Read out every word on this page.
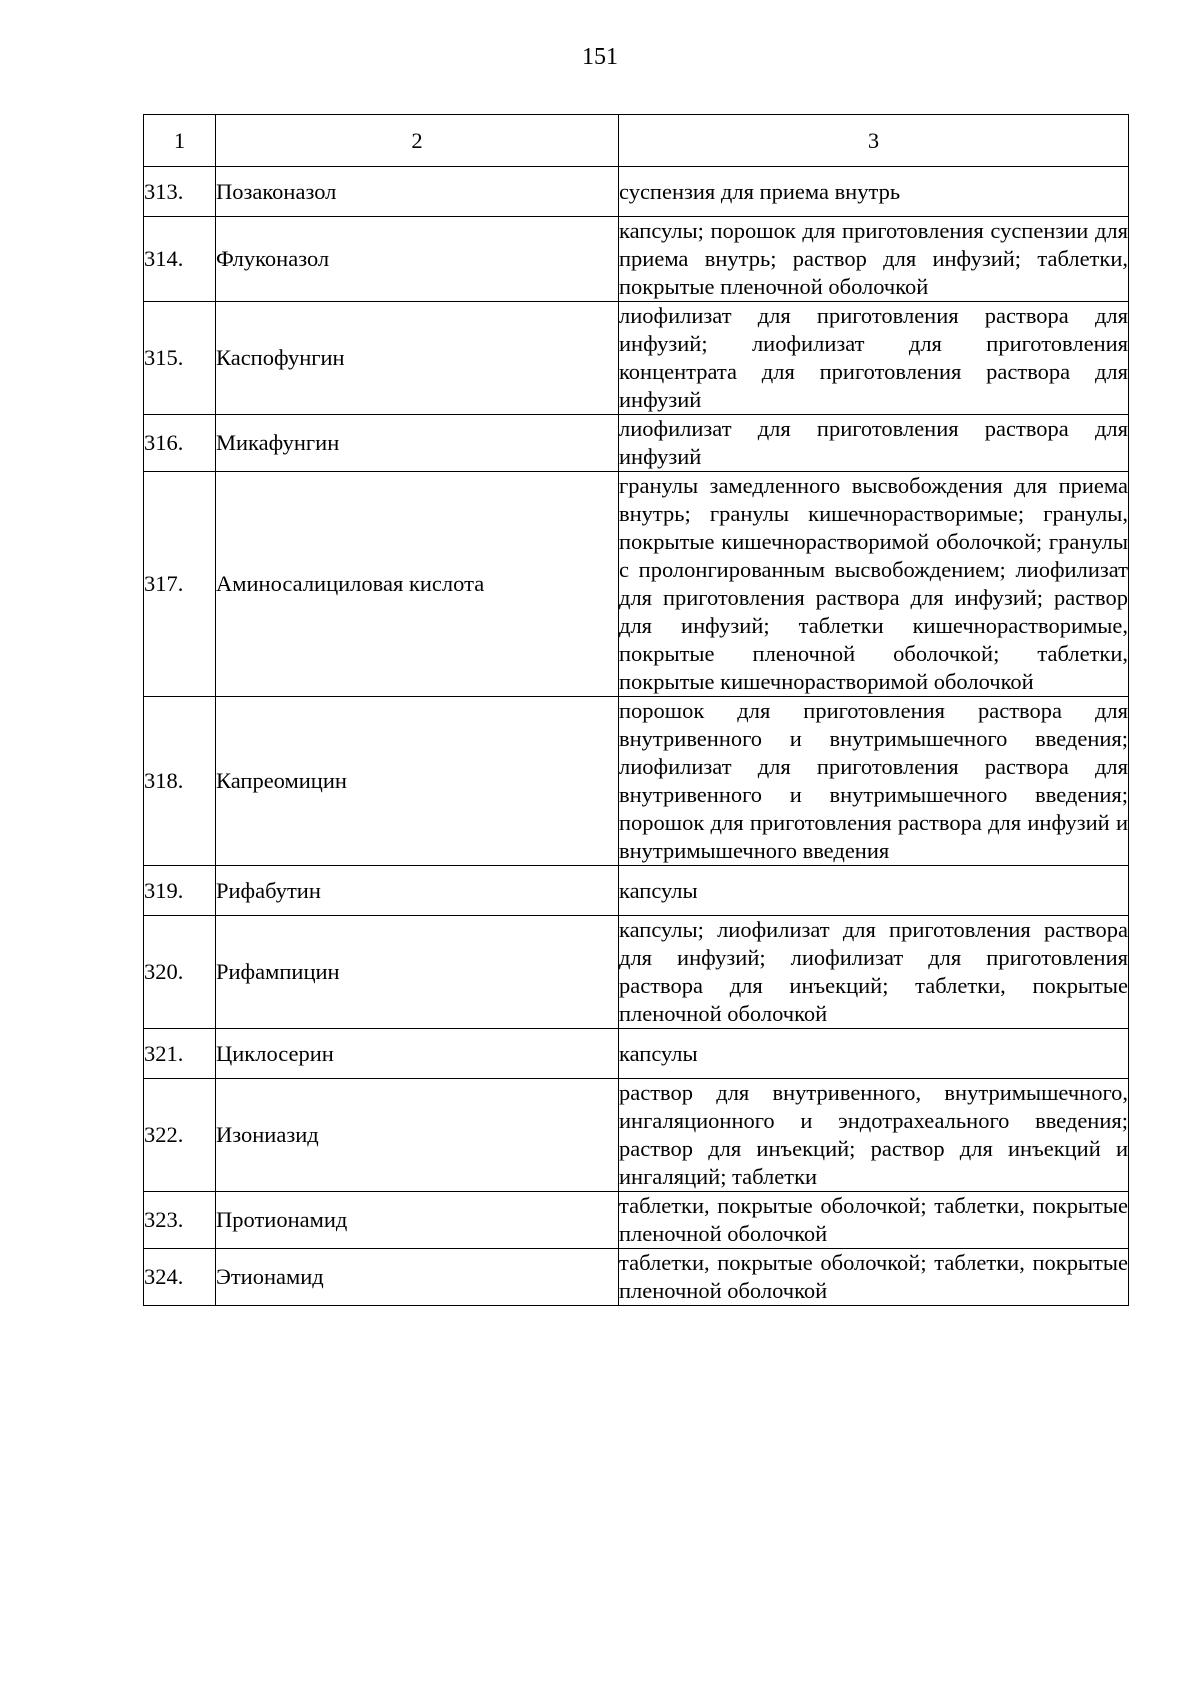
151
1	2	3
313.	Позаконазол	суспензия для приема внутрь
314.	Флуконазол	капсулы; порошок для приготовления суспензии для приема внутрь; раствор для инфузий; таблетки, покрытые пленочной оболочкой
315.	Каспофунгин	лиофилизат для приготовления раствора для инфузий; лиофилизат для приготовления концентрата для приготовления раствора для инфузий
316.	Микафунгин	лиофилизат для приготовления раствора для инфузий
317.	Аминосалициловая кислота	гранулы замедленного высвобождения для приема внутрь; гранулы кишечнорастворимые; гранулы, покрытые кишечнорастворимой оболочкой; гранулы с пролонгированным высвобождением; лиофилизат для приготовления раствора для инфузий; раствор для инфузий; таблетки кишечнорастворимые, покрытые пленочной оболочкой; таблетки, покрытые кишечнорастворимой оболочкой
318.	Капреомицин	порошок для приготовления раствора для внутривенного и внутримышечного введения; лиофилизат для приготовления раствора для внутривенного и внутримышечного введения; порошок для приготовления раствора для инфузий и внутримышечного введения
319.	Рифабутин	капсулы
320.	Рифампицин	капсулы; лиофилизат для приготовления раствора для инфузий; лиофилизат для приготовления раствора для инъекций; таблетки, покрытые пленочной оболочкой
321.	Циклосерин	капсулы
322.	Изониазид	раствор для внутривенного, внутримышечного, ингаляционного и эндотрахеального введения; раствор для инъекций; раствор для инъекций и ингаляций; таблетки
323.	Протионамид	таблетки, покрытые оболочкой; таблетки, покрытые пленочной оболочкой
324.	Этионамид	таблетки, покрытые оболочкой; таблетки, покрытые пленочной оболочкой
